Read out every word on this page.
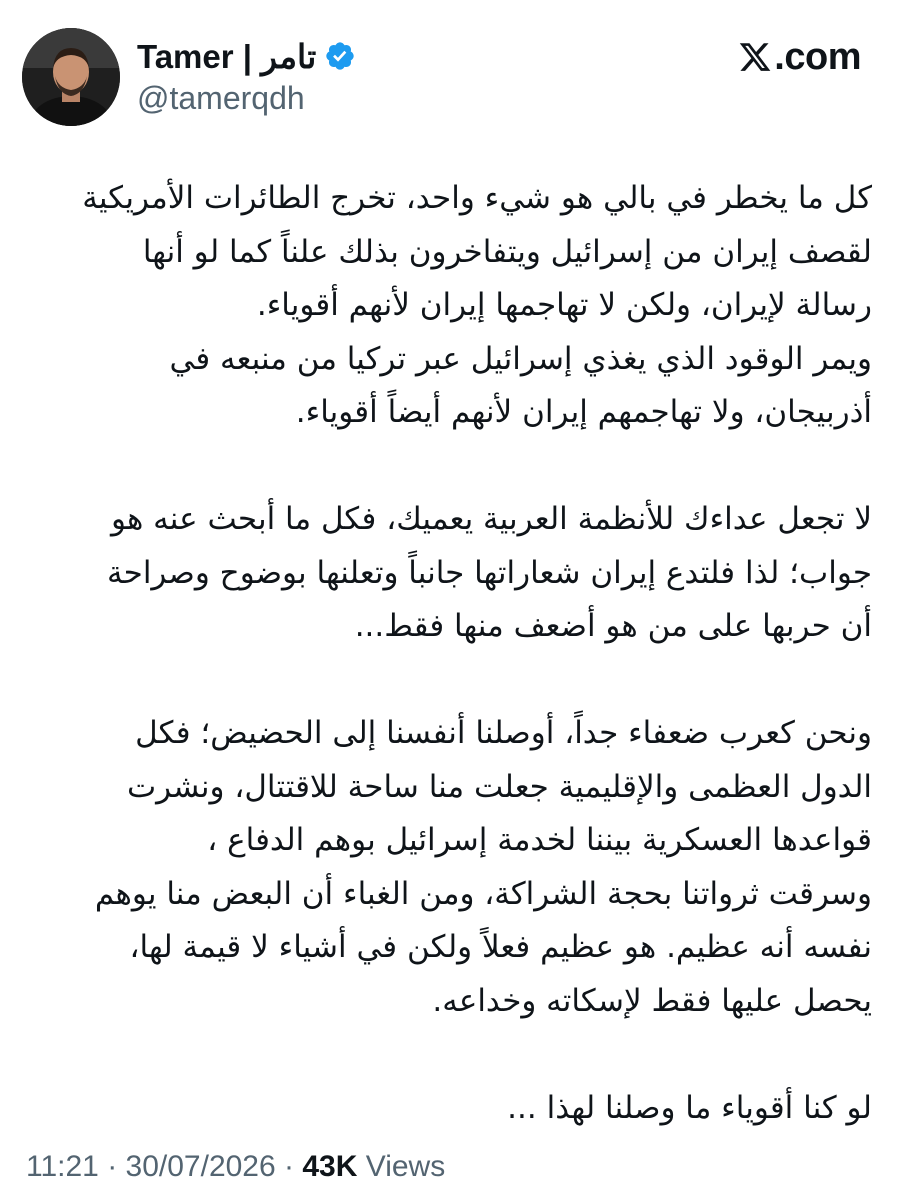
Tamer | تامر
@tamerqdh
.com

كل ما يخطر في بالي هو شيء واحد، تخرج الطائرات الأمريكية
لقصف إيران من إسرائيل ويتفاخرون بذلك علناً كما لو أنها
رسالة لإيران، ولكن لا تهاجمها إيران لأنهم أقوياء.
ويمر الوقود الذي يغذي إسرائيل عبر تركيا من منبعه في
أذربيجان، ولا تهاجمهم إيران لأنهم أيضاً أقوياء.

لا تجعل عداءك للأنظمة العربية يعميك، فكل ما أبحث عنه هو
جواب؛ لذا فلتدع إيران شعاراتها جانباً وتعلنها بوضوح وصراحة
أن حربها على من هو أضعف منها فقط...

ونحن كعرب ضعفاء جداً، أوصلنا أنفسنا إلى الحضيض؛ فكل
الدول العظمى والإقليمية جعلت منا ساحة للاقتتال، ونشرت
قواعدها العسكرية بيننا لخدمة إسرائيل بوهم الدفاع ،
وسرقت ثرواتنا بحجة الشراكة، ومن الغباء أن البعض منا يوهم
نفسه أنه عظيم. هو عظيم فعلاً ولكن في أشياء لا قيمة لها،
يحصل عليها فقط لإسكاته وخداعه.

لو كنا أقوياء ما وصلنا لهذا ...

11:21 · 30/07/2026 · 43K Views
